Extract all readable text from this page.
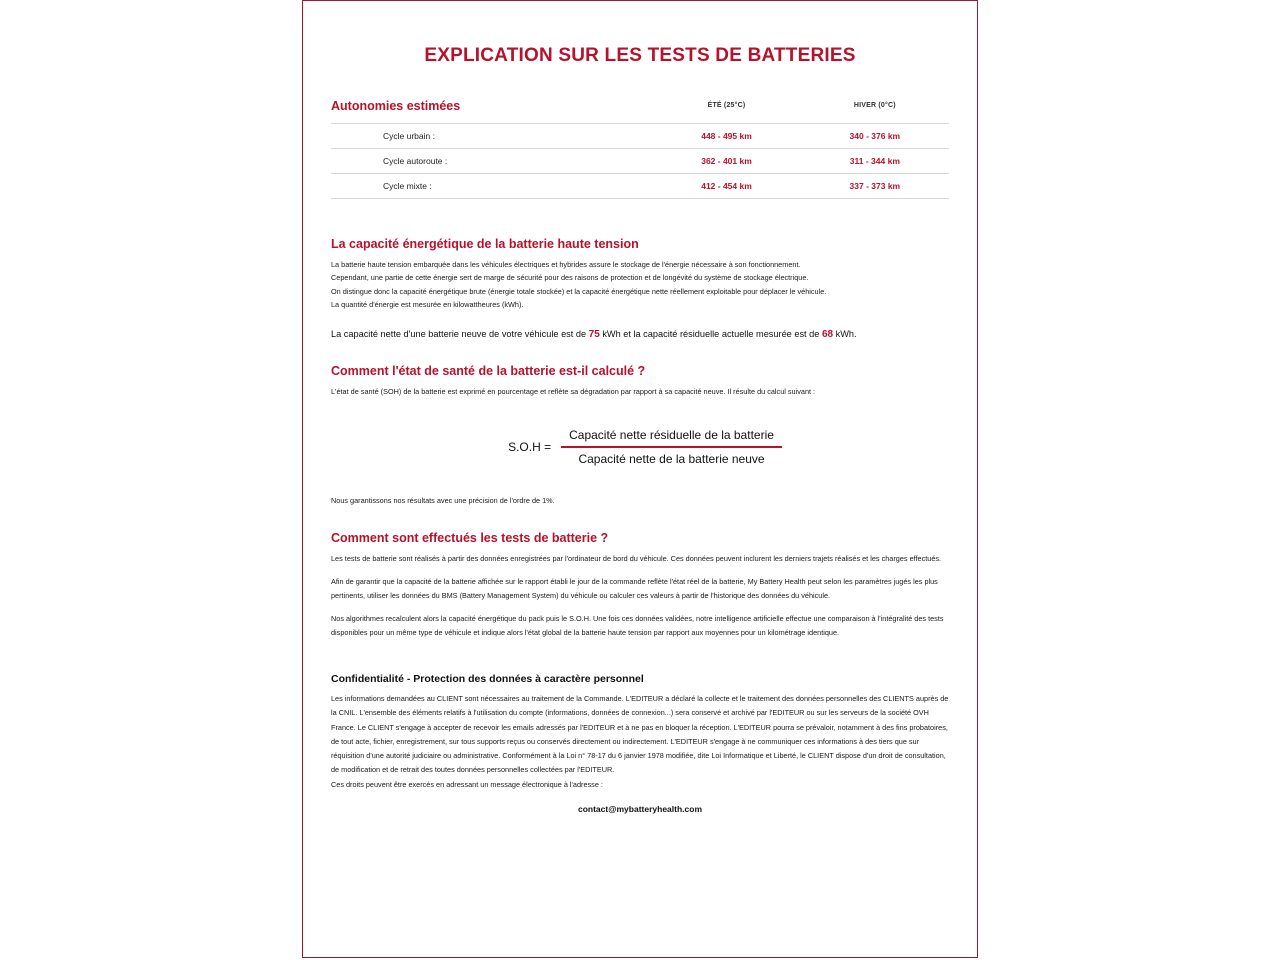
EXPLICATION SUR LES TESTS DE BATTERIES
Autonomies estimées
		ÉTÉ (25°C)	HIVER (0°C)
Cycle urbain :	448 - 495 km	340 - 376 km
Cycle autoroute :	362 - 401 km	311 - 344 km
Cycle mixte :	412 - 454 km	337 - 373 km
La capacité énergétique de la batterie haute tension

La batterie haute tension embarquée dans les véhicules électriques et hybrides assure le stockage de l'énergie nécessaire à son fonctionnement.

Cependant, une partie de cette énergie sert de marge de sécurité pour des raisons de protection et de longévité du système de stockage électrique.

On distingue donc la capacité énergétique brute (énergie totale stockée) et la capacité énergétique nette réellement exploitable pour déplacer le véhicule.

La quantité d'énergie est mesurée en kilowattheures (kWh).

La capacité nette d'une batterie neuve de votre véhicule est de 75 kWh et la capacité résiduelle actuelle mesurée est de 68 kWh.

Comment l'état de santé de la batterie est-il calculé ?

L'état de santé (SOH) de la batterie est exprimé en pourcentage et reflète sa dégradation par rapport à sa capacité neuve. Il résulte du calcul suivant :

$S.O.H = \frac{\text{Capacité nette résiduelle de la batterie}}{\text{Capacité nette de la batterie neuve}}$

Nous garantissons nos résultats avec une précision de l'ordre de 1%.

Comment sont effectués les tests de batterie ?

Les tests de batterie sont réalisés à partir des données enregistrées par l'ordinateur de bord du véhicule. Ces données peuvent inclurent les derniers trajets réalisés et les charges effectués.

Afin de garantir que la capacité de la batterie affichée sur le rapport établi le jour de la commande reflète l'état réel de la batterie, My Battery Health peut selon les paramètres jugés les plus pertinents, utiliser les données du BMS (Battery Management System) du véhicule ou calculer ces valeurs à partir de l'historique des données du véhicule.

Nos algorithmes recalculent alors la capacité énergétique du pack puis le S.O.H. Une fois ces données validées, notre intelligence artificielle effectue une comparaison à l'intégralité des tests disponibles pour un même type de véhicule et indique alors l'état global de la batterie haute tension par rapport aux moyennes pour un kilométrage identique.

Confidentialité - Protection des données à caractère personnel

Les informations demandées au CLIENT sont nécessaires au traitement de la Commande. L'EDITEUR a déclaré la collecte et le traitement des données personnelles des CLIENTS auprès de la CNIL. L'ensemble des éléments relatifs à l'utilisation du compte (informations, données de connexion...) sera conservé et archivé par l'EDITEUR ou sur les serveurs de la société OVH France. Le CLIENT s'engage à accepter de recevoir les emails adressés par l'EDITEUR et à ne pas en bloquer la réception. L'EDITEUR pourra se prévaloir, notamment à des fins probatoires, de tout acte, fichier, enregistrement, sur tous supports reçus ou conservés directement ou indirectement. L'EDITEUR s'engage à ne communiquer ces informations à des tiers que sur réquisition d'une autorité judiciaire ou administrative. Conformément à la Loi n° 78-17 du 6 janvier 1978 modifiée, dite Loi Informatique et Liberté, le CLIENT dispose d'un droit de consultation, de modification et de retrait des toutes données personnelles collectées par l'EDITEUR.

Ces droits peuvent être exercés en adressant un message électronique à l'adresse :

contact@mybatteryhealth.com
